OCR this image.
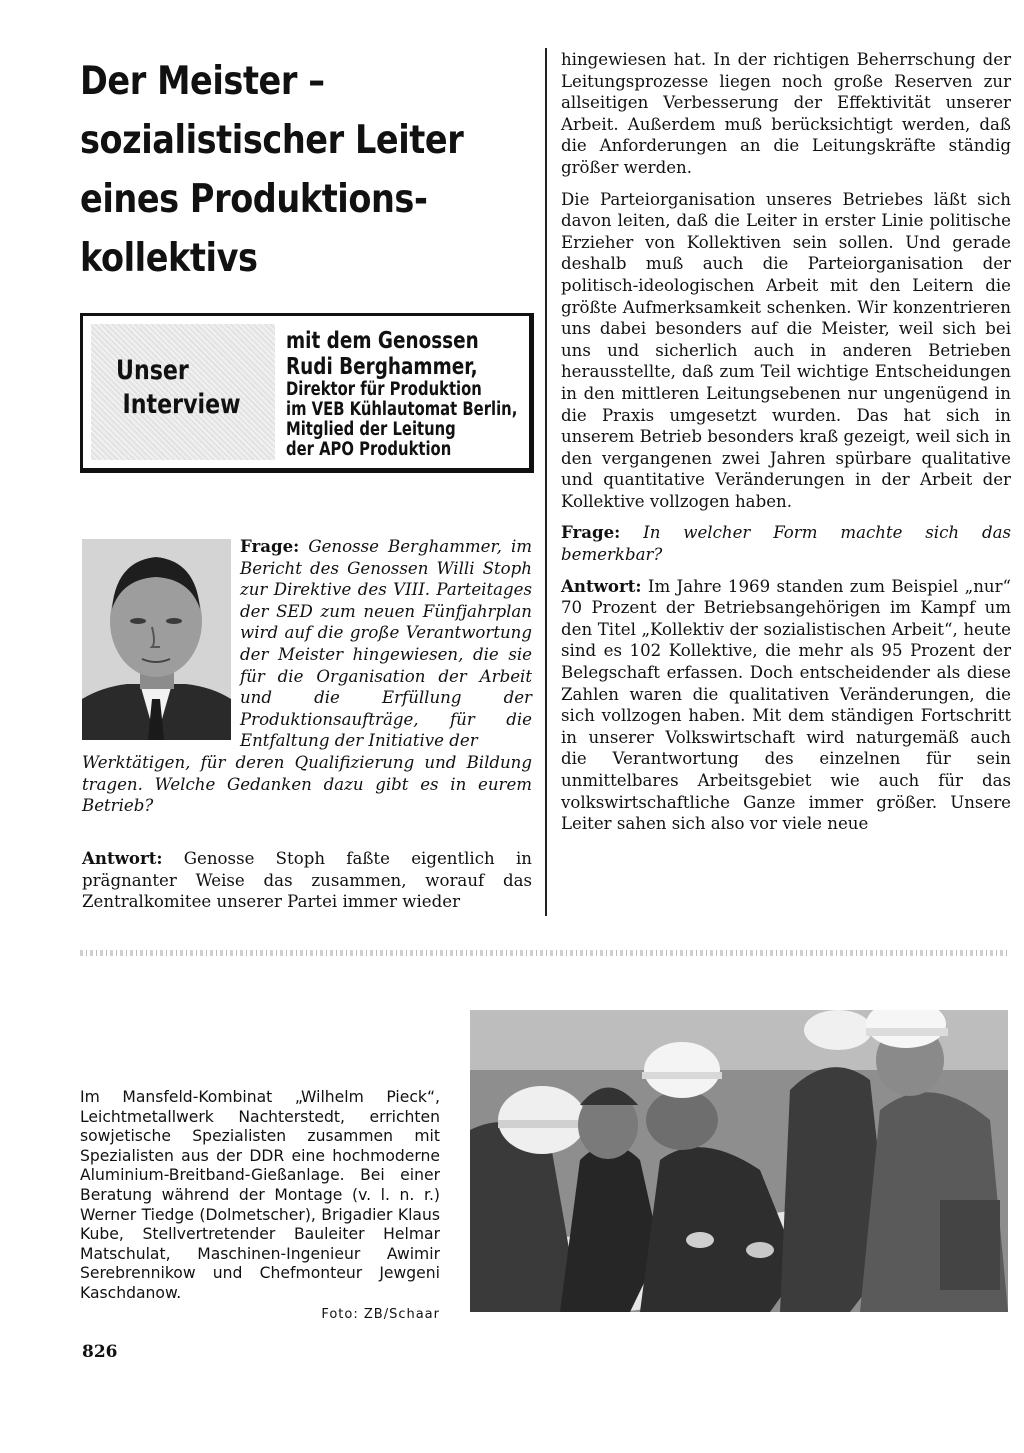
Der Meister –
sozialistischer Leiter
eines Produktions-
kollektivs
Unser
Interview
mit dem Genossen
Rudi Berghammer,
Direktor für Produktion
im VEB Kühlautomat Berlin,
Mitglied der Leitung
der APO Produktion
Frage: Genosse Berghammer, im Bericht des Genossen Willi Stoph zur Direktive des VIII. Parteitages der SED zum neuen Fünfjahrplan wird auf die große Verantwortung der Meister hingewiesen, die sie für die Organisation der Arbeit und die Erfüllung der Produktionsaufträge, für die Entfaltung der Initiative der
Werktätigen, für deren Qualifizierung und Bildung tragen. Welche Gedanken dazu gibt es in eurem Betrieb?
Antwort: Genosse Stoph faßte eigentlich in prägnanter Weise das zusammen, worauf das Zentralkomitee unserer Partei immer wieder

hingewiesen hat. In der richtigen Beherrschung der Leitungsprozesse liegen noch große Reserven zur allseitigen Verbesserung der Effektivität unserer Arbeit. Außerdem muß berücksichtigt werden, daß die Anforderungen an die Leitungskräfte ständig größer werden.

Die Parteiorganisation unseres Betriebes läßt sich davon leiten, daß die Leiter in erster Linie politische Erzieher von Kollektiven sein sollen. Und gerade deshalb muß auch die Parteiorganisation der politisch-ideologischen Arbeit mit den Leitern die größte Aufmerksamkeit schenken. Wir konzentrieren uns dabei besonders auf die Meister, weil sich bei uns und sicherlich auch in anderen Betrieben herausstellte, daß zum Teil wichtige Entscheidungen in den mittleren Leitungsebenen nur ungenügend in die Praxis umgesetzt wurden. Das hat sich in unserem Betrieb besonders kraß gezeigt, weil sich in den vergangenen zwei Jahren spürbare qualitative und quantitative Veränderungen in der Arbeit der Kollektive vollzogen haben.

Frage: In welcher Form machte sich das bemerkbar?

Antwort: Im Jahre 1969 standen zum Beispiel „nur“ 70 Prozent der Betriebsangehörigen im Kampf um den Titel „Kollektiv der sozialistischen Arbeit“, heute sind es 102 Kollektive, die mehr als 95 Prozent der Belegschaft erfassen. Doch entscheidender als diese Zahlen waren die qualitativen Veränderungen, die sich vollzogen haben. Mit dem ständigen Fortschritt in unserer Volkswirtschaft wird naturgemäß auch die Verantwortung des einzelnen für sein unmittelbares Arbeitsgebiet wie auch für das volkswirtschaftliche Ganze immer größer. Unsere Leiter sahen sich also vor viele neue

Im Mansfeld-Kombinat „Wilhelm Pieck“, Leichtmetallwerk Nachterstedt, errichten sowjetische Spezialisten zusammen mit Spezialisten aus der DDR eine hochmoderne Aluminium-Breitband-Gießanlage. Bei einer Beratung während der Montage (v. l. n. r.) Werner Tiedge (Dolmetscher), Brigadier Klaus Kube, Stellvertretender Bauleiter Helmar Matschulat, Maschinen-Ingenieur Awimir Serebrennikow und Chefmonteur Jewgeni Kaschdanow.
Foto: ZB/Schaar
826
